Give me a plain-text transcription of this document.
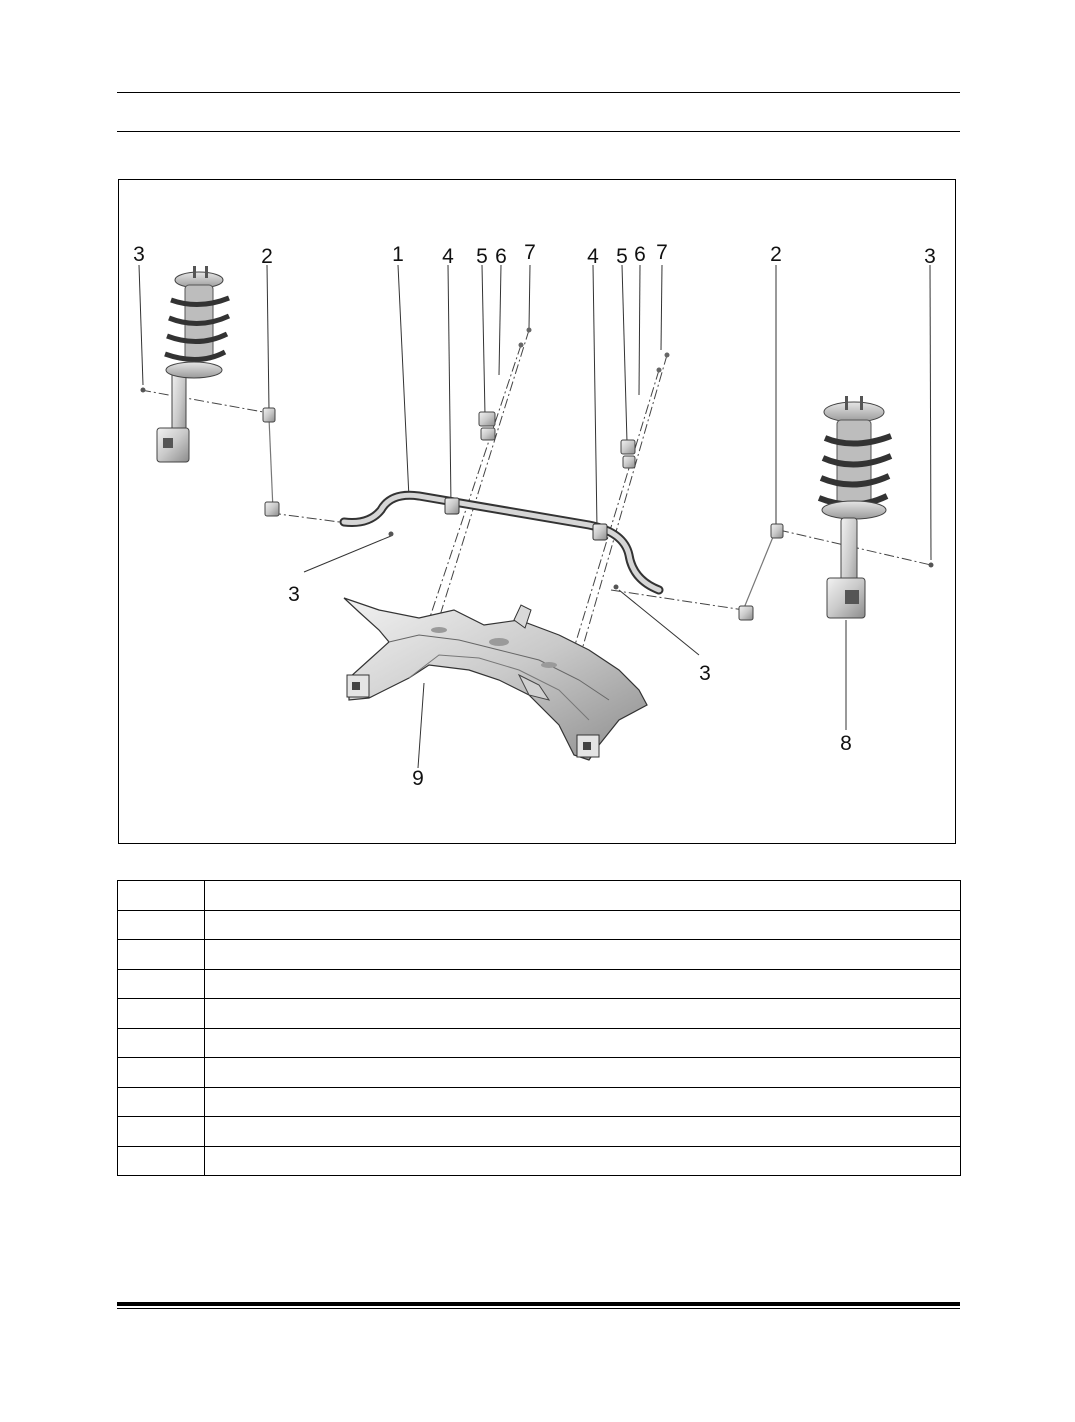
3	2	1 4 5 6 7 4 5 6 7	2	3
3
3
8
9
